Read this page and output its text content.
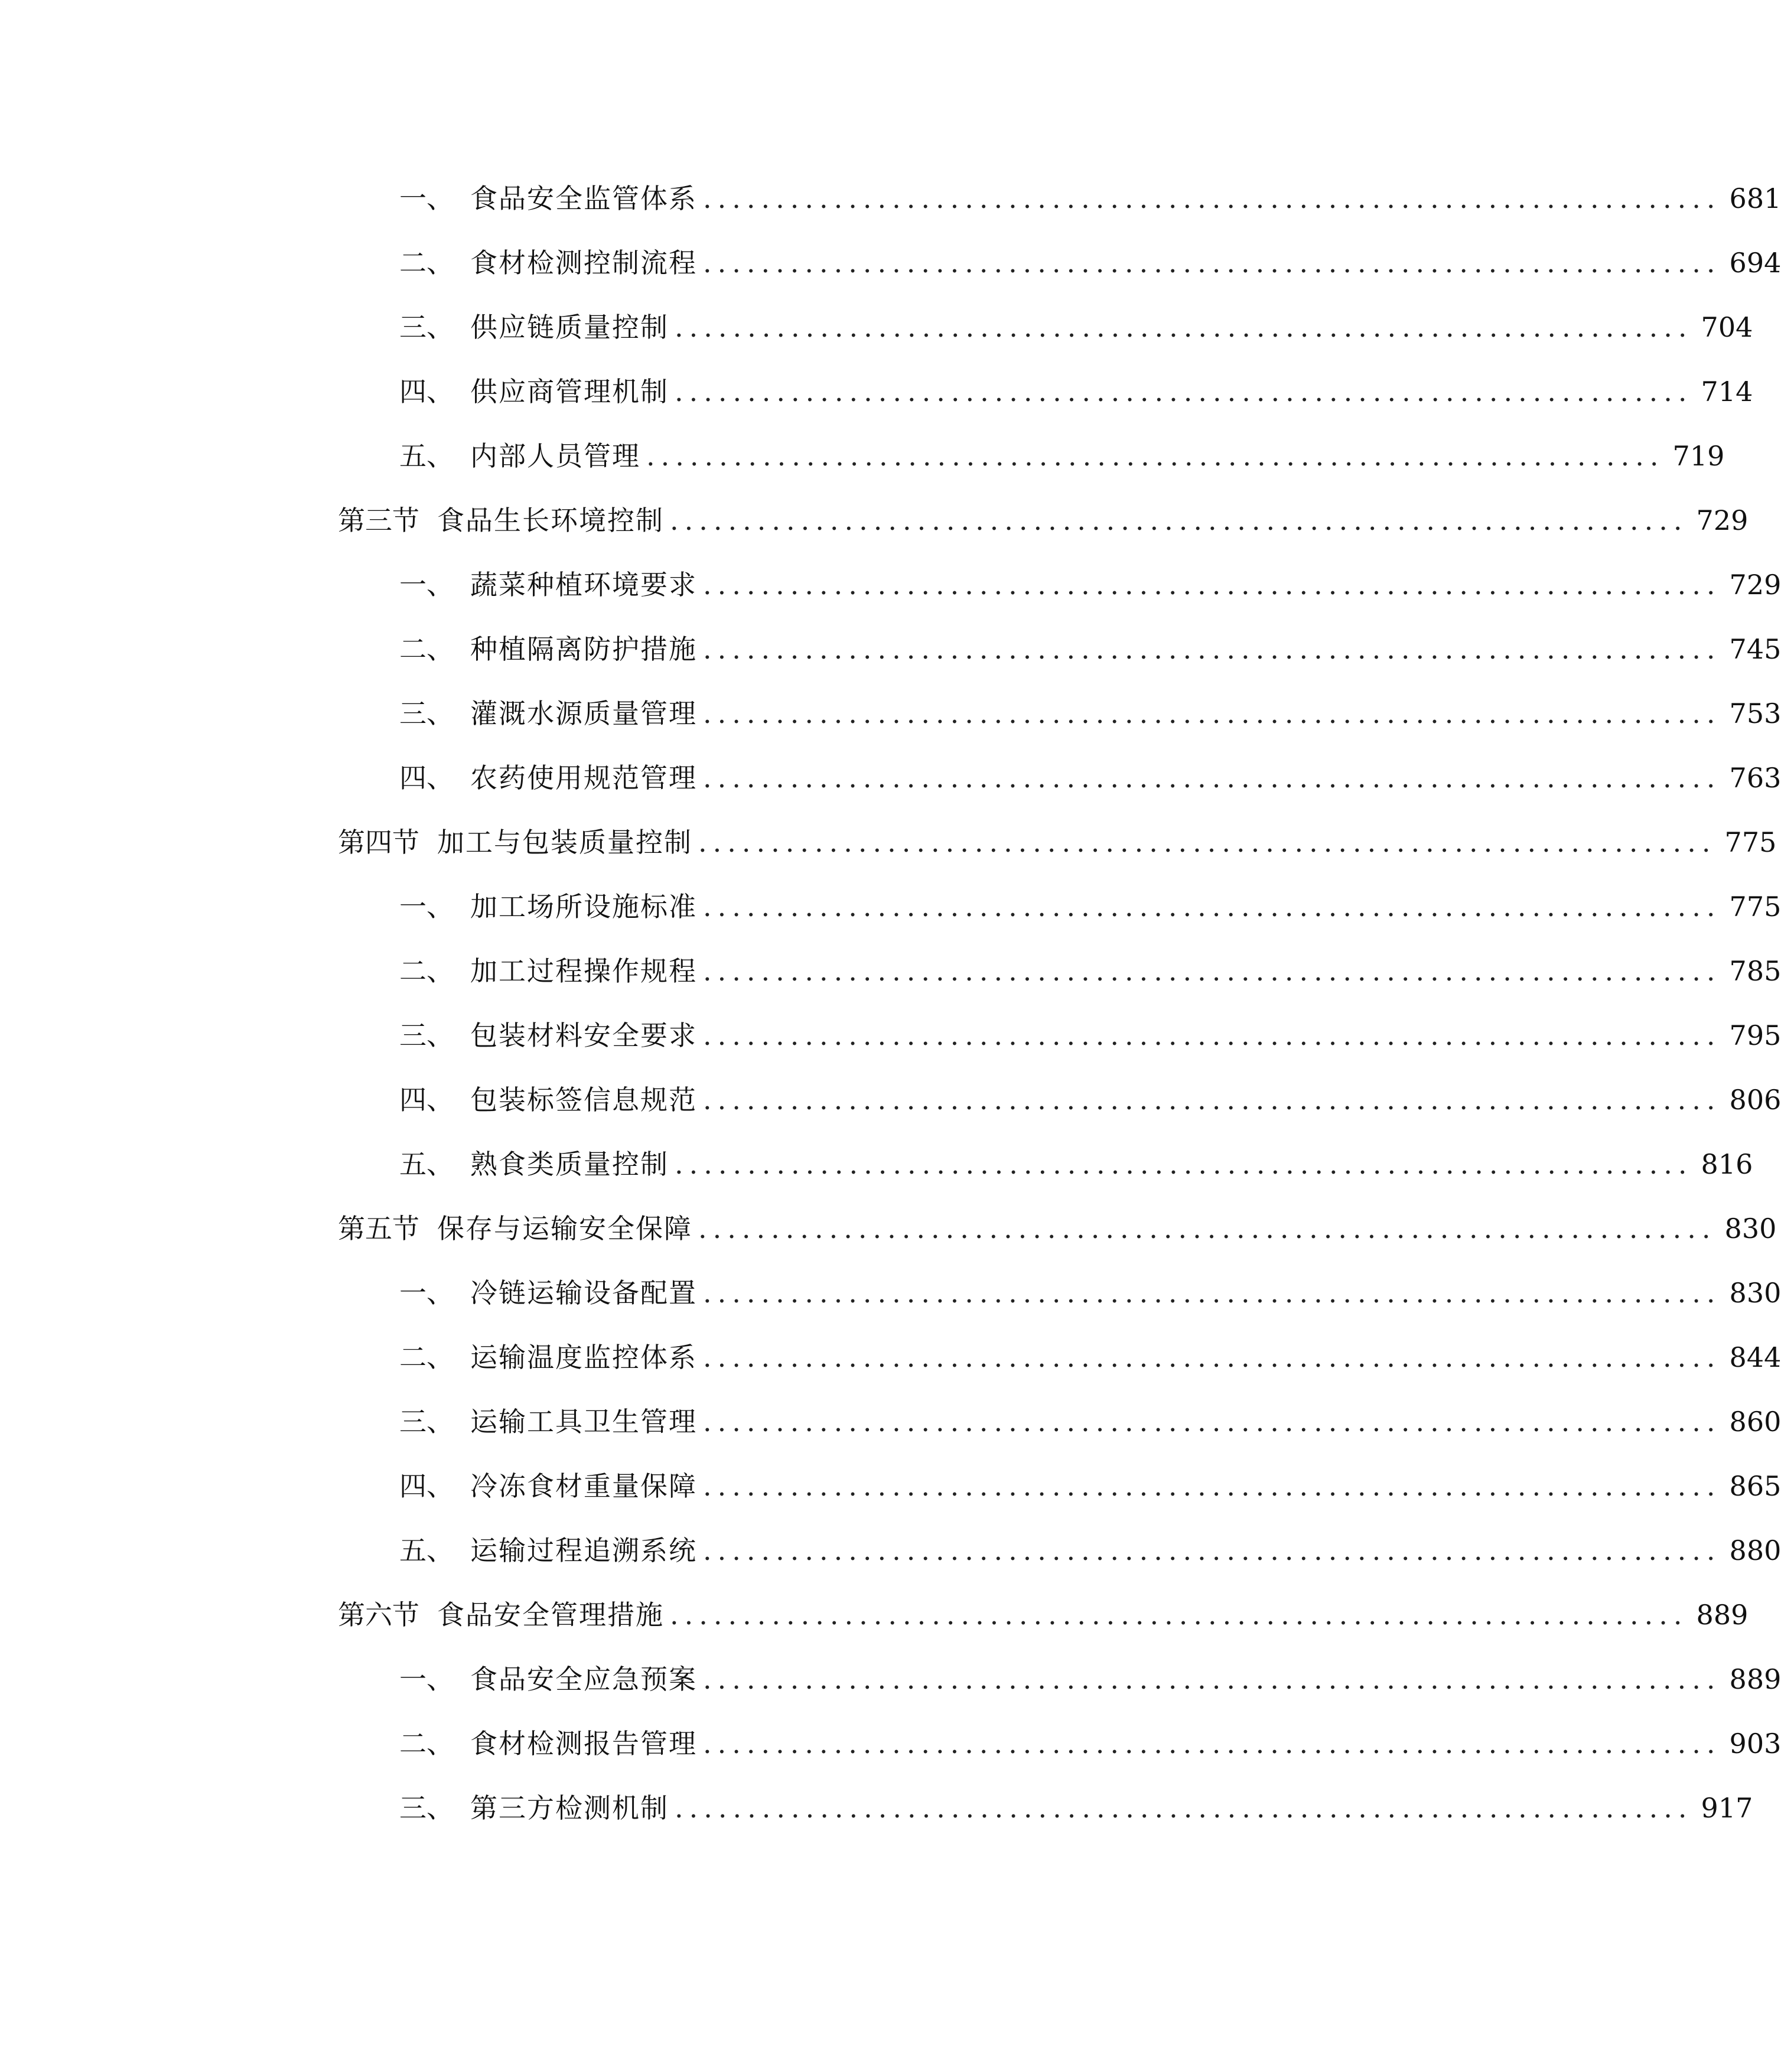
一、 食品安全监管体系 ...................................................................... 681
二、 食材检测控制流程 ...................................................................... 694
三、 供应链质量控制 ...................................................................... 704
四、 供应商管理机制 ...................................................................... 714
五、 内部人员管理 ...................................................................... 719
第三节 食品生长环境控制 ...................................................................... 729
一、 蔬菜种植环境要求 ...................................................................... 729
二、 种植隔离防护措施 ...................................................................... 745
三、 灌溉水源质量管理 ...................................................................... 753
四、 农药使用规范管理 ...................................................................... 763
第四节 加工与包装质量控制 ...................................................................... 775
一、 加工场所设施标准 ...................................................................... 775
二、 加工过程操作规程 ...................................................................... 785
三、 包装材料安全要求 ...................................................................... 795
四、 包装标签信息规范 ...................................................................... 806
五、 熟食类质量控制 ...................................................................... 816
第五节 保存与运输安全保障 ...................................................................... 830
一、 冷链运输设备配置 ...................................................................... 830
二、 运输温度监控体系 ...................................................................... 844
三、 运输工具卫生管理 ...................................................................... 860
四、 冷冻食材重量保障 ...................................................................... 865
五、 运输过程追溯系统 ...................................................................... 880
第六节 食品安全管理措施 ...................................................................... 889
一、 食品安全应急预案 ...................................................................... 889
二、 食材检测报告管理 ...................................................................... 903
三、 第三方检测机制 ...................................................................... 917
